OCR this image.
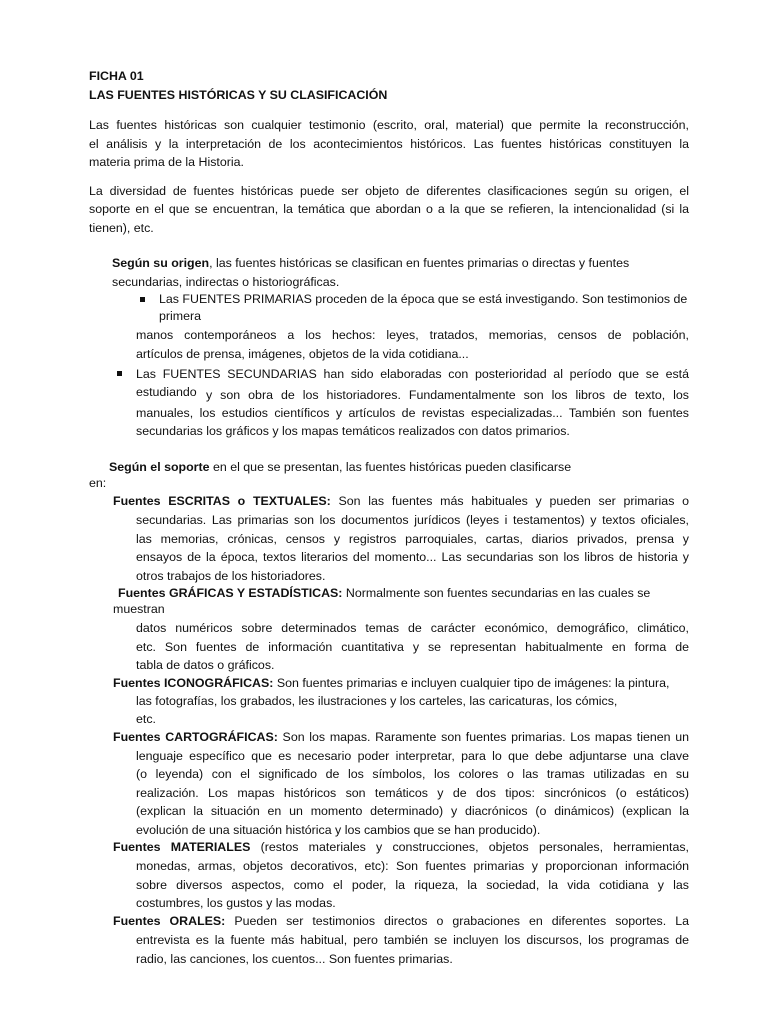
FICHA 01
LAS FUENTES HISTÓRICAS Y SU CLASIFICACIÓN
Las fuentes históricas son cualquier testimonio (escrito, oral, material) que permite la reconstrucción,
el análisis y la interpretación de los acontecimientos históricos. Las fuentes históricas constituyen la
materia prima de la Historia.
La diversidad de fuentes históricas puede ser objeto de diferentes clasificaciones según su origen, el
soporte en el que se encuentran, la temática que abordan o a la que se refieren, la intencionalidad (si la
tienen), etc.
Según su origen, las fuentes históricas se clasifican en fuentes primarias o directas y fuentes
secundarias, indirectas o historiográficas.
Las FUENTES PRIMARIAS proceden de la época que se está investigando. Son testimonios de
primera
manos contemporáneos a los hechos: leyes, tratados, memorias, censos de población,
artículos de prensa, imágenes, objetos de la vida cotidiana...
Las FUENTES SECUNDARIAS han sido elaboradas con posterioridad al período que se está
estudiando y son obra de los historiadores. Fundamentalmente son los libros de texto, los
manuales, los estudios científicos y artículos de revistas especializadas... También son fuentes
secundarias los gráficos y los mapas temáticos realizados con datos primarios.
Según el soporte en el que se presentan, las fuentes históricas pueden clasificarse
en:
Fuentes ESCRITAS o TEXTUALES: Son las fuentes más habituales y pueden ser primarias o
secundarias. Las primarias son los documentos jurídicos (leyes i testamentos) y textos oficiales,
las memorias, crónicas, censos y registros parroquiales, cartas, diarios privados, prensa y
ensayos de la época, textos literarios del momento... Las secundarias son los libros de historia y
otros trabajos de los historiadores.
Fuentes GRÁFICAS Y ESTADÍSTICAS: Normalmente son fuentes secundarias en las cuales se
muestran
datos numéricos sobre determinados temas de carácter económico, demográfico, climático,
etc. Son fuentes de información cuantitativa y se representan habitualmente en forma de
tabla de datos o gráficos.
Fuentes ICONOGRÁFICAS: Son fuentes primarias e incluyen cualquier tipo de imágenes: la pintura,
las fotografías, los grabados, les ilustraciones y los carteles, las caricaturas, los cómics,
etc.
Fuentes CARTOGRÁFICAS: Son los mapas. Raramente son fuentes primarias. Los mapas tienen un
lenguaje específico que es necesario poder interpretar, para lo que debe adjuntarse una clave
(o leyenda) con el significado de los símbolos, los colores o las tramas utilizadas en su
realización. Los mapas históricos son temáticos y de dos tipos: sincrónicos (o estáticos)
(explican la situación en un momento determinado) y diacrónicos (o dinámicos) (explican la
evolución de una situación histórica y los cambios que se han producido).
Fuentes MATERIALES (restos materiales y construcciones, objetos personales, herramientas,
monedas, armas, objetos decorativos, etc): Son fuentes primarias y proporcionan información
sobre diversos aspectos, como el poder, la riqueza, la sociedad, la vida cotidiana y las
costumbres, los gustos y las modas.
Fuentes ORALES: Pueden ser testimonios directos o grabaciones en diferentes soportes. La
entrevista es la fuente más habitual, pero también se incluyen los discursos, los programas de
radio, las canciones, los cuentos... Son fuentes primarias.
